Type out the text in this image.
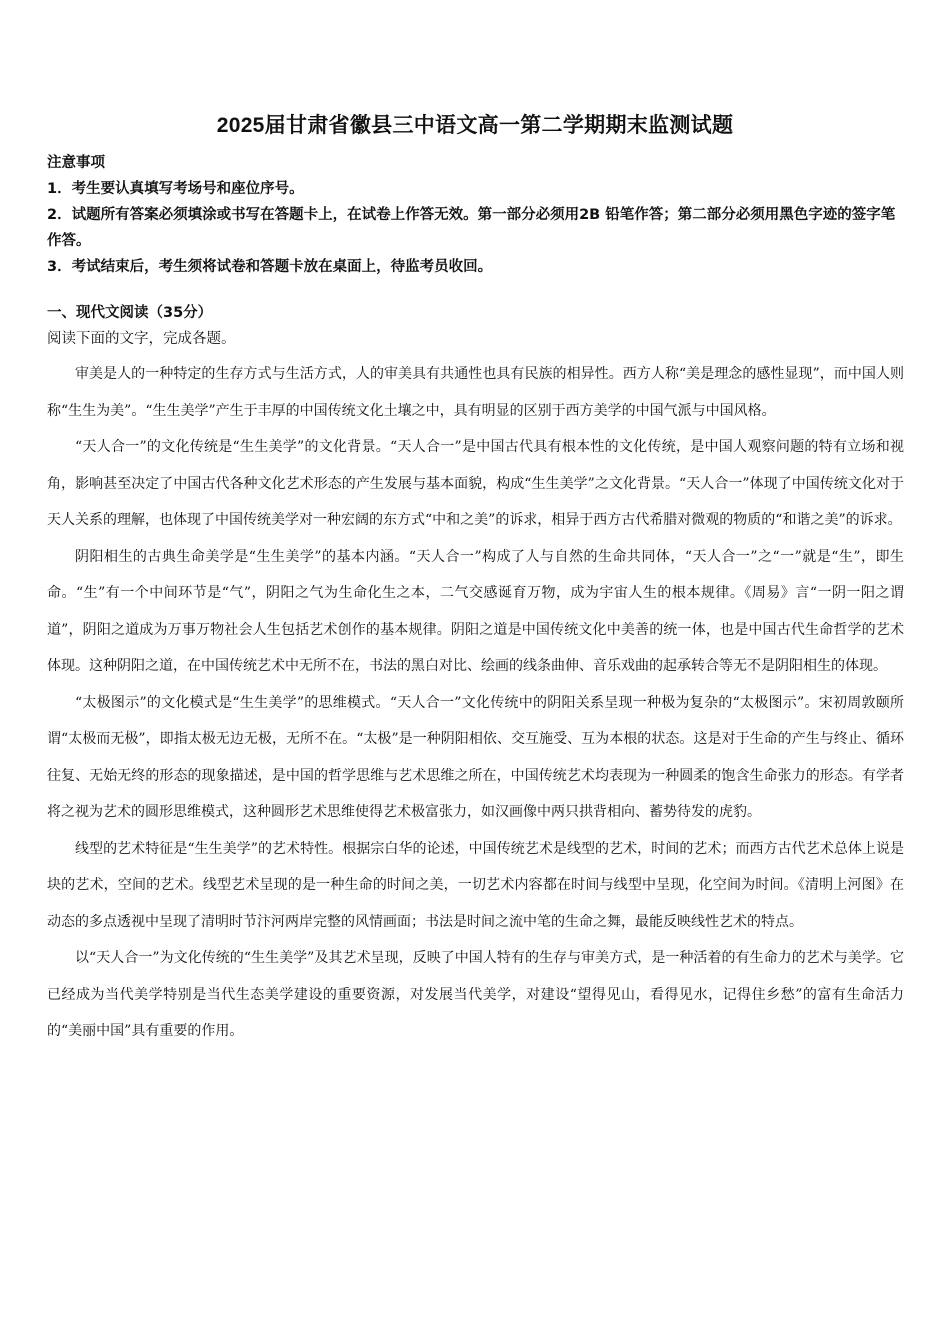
2025届甘肃省徽县三中语文高一第二学期期末监测试题
注意事项
1．考生要认真填写考场号和座位序号。
2．试题所有答案必须填涂或书写在答题卡上，在试卷上作答无效。第一部分必须用2B 铅笔作答；第二部分必须用黑色字迹的签字笔作答。
3．考试结束后，考生须将试卷和答题卡放在桌面上，待监考员收回。
一、现代文阅读（35分）
阅读下面的文字，完成各题。

审美是人的一种特定的生存方式与生活方式，人的审美具有共通性也具有民族的相异性。西方人称“美是理念的感性显现”，而中国人则称“生生为美”。“生生美学”产生于丰厚的中国传统文化土壤之中，具有明显的区别于西方美学的中国气派与中国风格。

“天人合一”的文化传统是“生生美学”的文化背景。“天人合一”是中国古代具有根本性的文化传统，是中国人观察问题的特有立场和视角，影响甚至决定了中国古代各种文化艺术形态的产生发展与基本面貌，构成“生生美学”之文化背景。“天人合一”体现了中国传统文化对于天人关系的理解，也体现了中国传统美学对一种宏阔的东方式“中和之美”的诉求，相异于西方古代希腊对微观的物质的“和谐之美”的诉求。

阴阳相生的古典生命美学是“生生美学”的基本内涵。“天人合一”构成了人与自然的生命共同体，“天人合一”之“一”就是“生”，即生命。“生”有一个中间环节是“气”，阴阳之气为生命化生之本，二气交感诞育万物，成为宇宙人生的根本规律。《周易》言“一阴一阳之谓道”，阴阳之道成为万事万物社会人生包括艺术创作的基本规律。阴阳之道是中国传统文化中美善的统一体，也是中国古代生命哲学的艺术体现。这种阴阳之道，在中国传统艺术中无所不在，书法的黑白对比、绘画的线条曲伸、音乐戏曲的起承转合等无不是阴阳相生的体现。

“太极图示”的文化模式是“生生美学”的思维模式。“天人合一”文化传统中的阴阳关系呈现一种极为复杂的“太极图示”。宋初周敦颐所谓“太极而无极”，即指太极无边无极，无所不在。“太极”是一种阴阳相依、交互施受、互为本根的状态。这是对于生命的产生与终止、循环往复、无始无终的形态的现象描述，是中国的哲学思维与艺术思维之所在，中国传统艺术均表现为一种圆柔的饱含生命张力的形态。有学者将之视为艺术的圆形思维模式，这种圆形艺术思维使得艺术极富张力，如汉画像中两只拱背相向、蓄势待发的虎豹。

线型的艺术特征是“生生美学”的艺术特性。根据宗白华的论述，中国传统艺术是线型的艺术，时间的艺术；而西方古代艺术总体上说是块的艺术，空间的艺术。线型艺术呈现的是一种生命的时间之美，一切艺术内容都在时间与线型中呈现，化空间为时间。《清明上河图》在动态的多点透视中呈现了清明时节汴河两岸完整的风情画面；书法是时间之流中笔的生命之舞，最能反映线性艺术的特点。

以“天人合一”为文化传统的“生生美学”及其艺术呈现，反映了中国人特有的生存与审美方式，是一种活着的有生命力的艺术与美学。它已经成为当代美学特别是当代生态美学建设的重要资源，对发展当代美学，对建设“望得见山，看得见水，记得住乡愁”的富有生命活力的“美丽中国”具有重要的作用。
